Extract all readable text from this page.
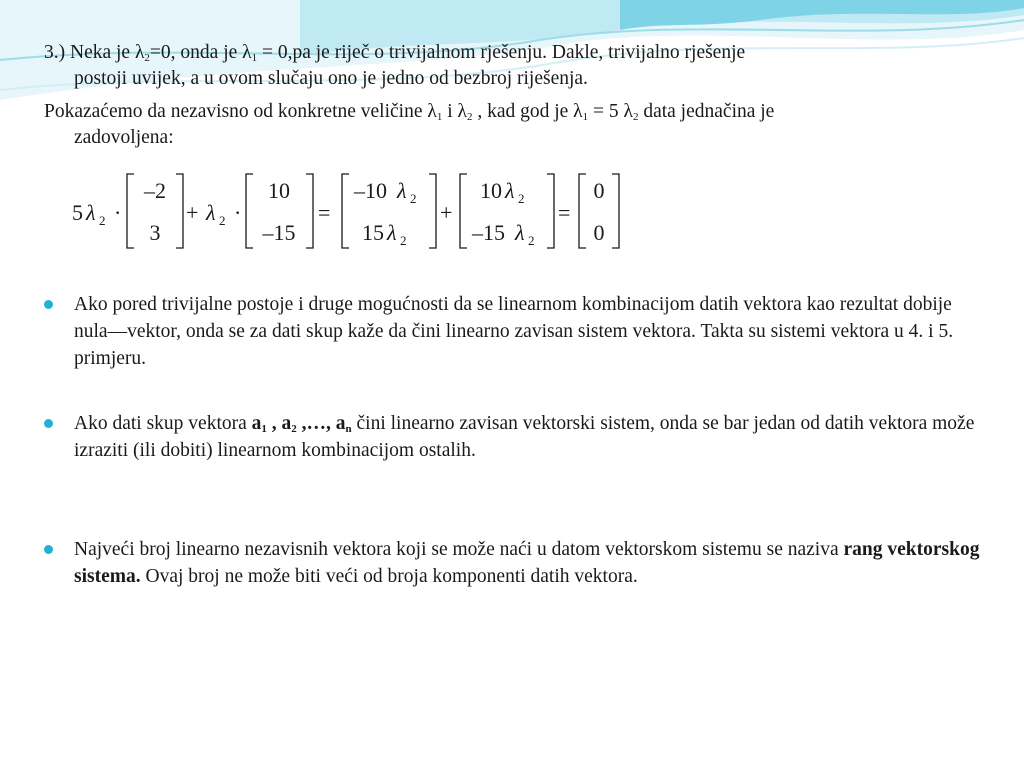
3.) Neka je $\lambda_2=0$, onda je $\lambda_1 = 0,pa$ je riječ o trivijalnom rješenju. Dakle, trivijalno rješenje
postoji uvijek, a u ovom slučaju ono je jedno od bezbroj riješenja.
Pokazaćemo da nezavisno od konkretne veličine $\lambda_1$ i $\lambda_2$ , kad god je $\lambda_1 = 5$ $\lambda_2$ data jednačina je
zadovoljena:
5 λ 2 ·
–2
3
+ λ 2 ·
10
–15
=
–10 λ 2
15 λ 2
+
10 λ 2
–15 λ 2
=
0
0
Ako pored trivijalne postoje i druge mogućnosti da se linearnom kombinacijom datih vektora kao rezultat dobije nula—vektor, onda se za dati skup kaže da čini linearno zavisan sistem vektora. Takta su sistemi vektora u 4. i 5. primjeru.
Ako dati skup vektora $a_1$ , $a_2$ ,…, $a_n$ čini linearno zavisan vektorski sistem, onda se bar jedan od datih vektora može izraziti (ili dobiti) linearnom kombinacijom ostalih.
Najveći broj linearno nezavisnih vektora koji se može naći u datom vektorskom sistemu se naziva rang vektorskog sistema. Ovaj broj ne može biti veći od broja komponenti datih vektora.
